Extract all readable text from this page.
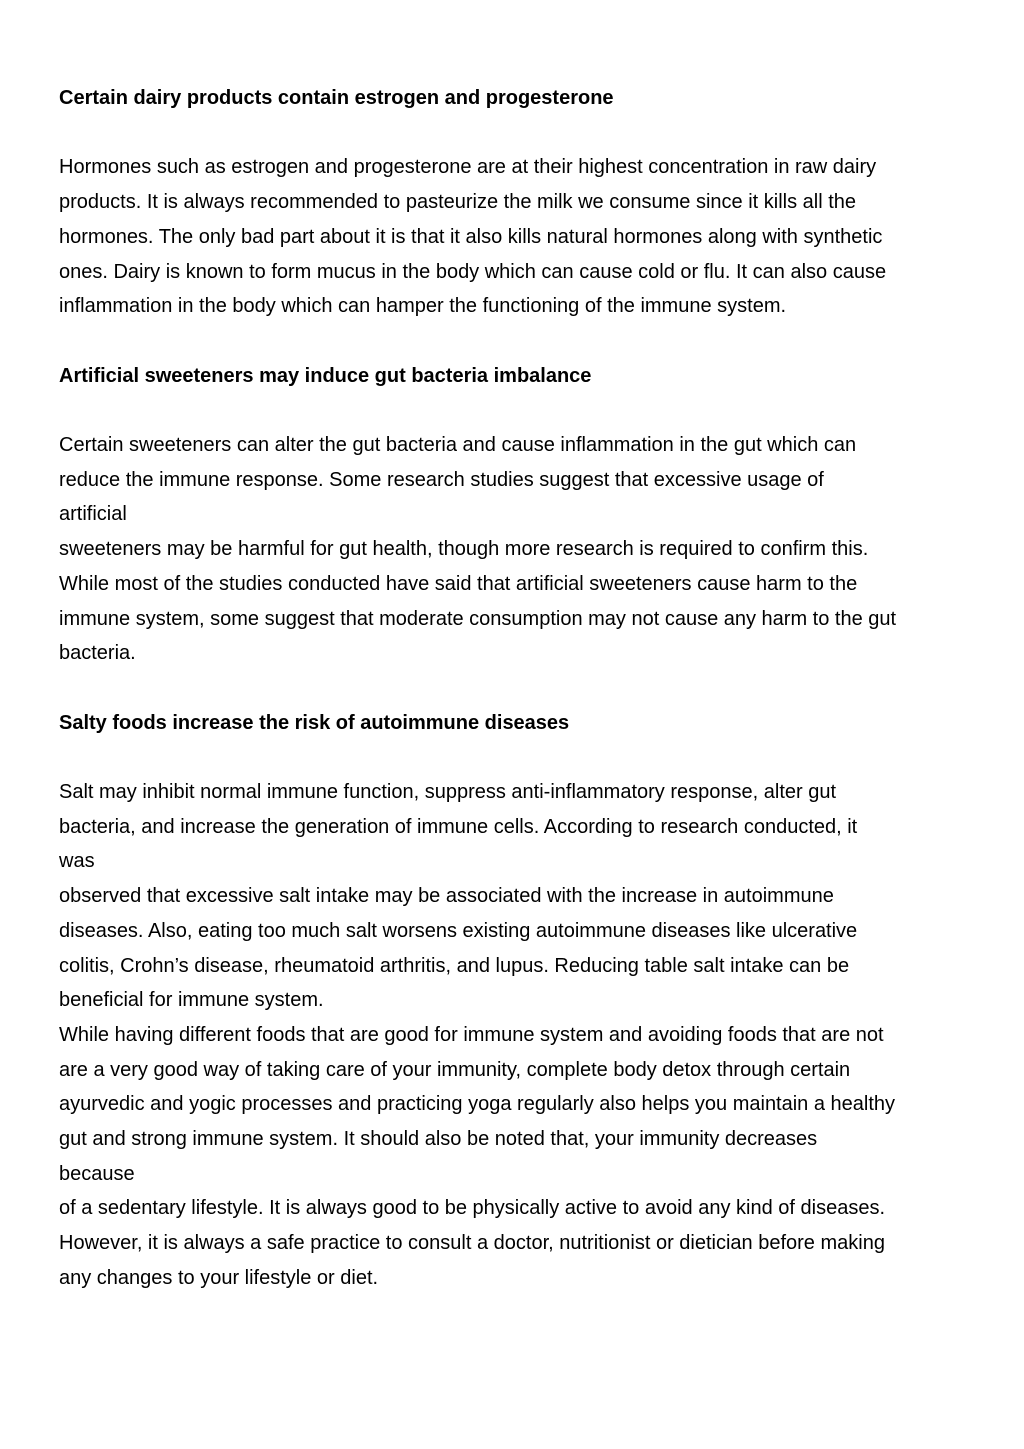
Certain dairy products contain estrogen and progesterone
Hormones such as estrogen and progesterone are at their highest concentration in raw dairy
products. It is always recommended to pasteurize the milk we consume since it kills all the
hormones. The only bad part about it is that it also kills natural hormones along with synthetic
ones. Dairy is known to form mucus in the body which can cause cold or flu. It can also cause
inflammation in the body which can hamper the functioning of the immune system.
Artificial sweeteners may induce gut bacteria imbalance
Certain sweeteners can alter the gut bacteria and cause inflammation in the gut which can
reduce the immune response. Some research studies suggest that excessive usage of
artificial
sweeteners may be harmful for gut health, though more research is required to confirm this.
While most of the studies conducted have said that artificial sweeteners cause harm to the
immune system, some suggest that moderate consumption may not cause any harm to the gut
bacteria.
Salty foods increase the risk of autoimmune diseases
Salt may inhibit normal immune function, suppress anti-inflammatory response, alter gut
bacteria, and increase the generation of immune cells. According to research conducted, it
was
observed that excessive salt intake may be associated with the increase in autoimmune
diseases. Also, eating too much salt worsens existing autoimmune diseases like ulcerative
colitis, Crohn’s disease, rheumatoid arthritis, and lupus. Reducing table salt intake can be
beneficial for immune system.
While having different foods that are good for immune system and avoiding foods that are not
are a very good way of taking care of your immunity, complete body detox through certain
ayurvedic and yogic processes and practicing yoga regularly also helps you maintain a healthy
gut and strong immune system. It should also be noted that, your immunity decreases
because
of a sedentary lifestyle. It is always good to be physically active to avoid any kind of diseases.
However, it is always a safe practice to consult a doctor, nutritionist or dietician before making
any changes to your lifestyle or diet.
